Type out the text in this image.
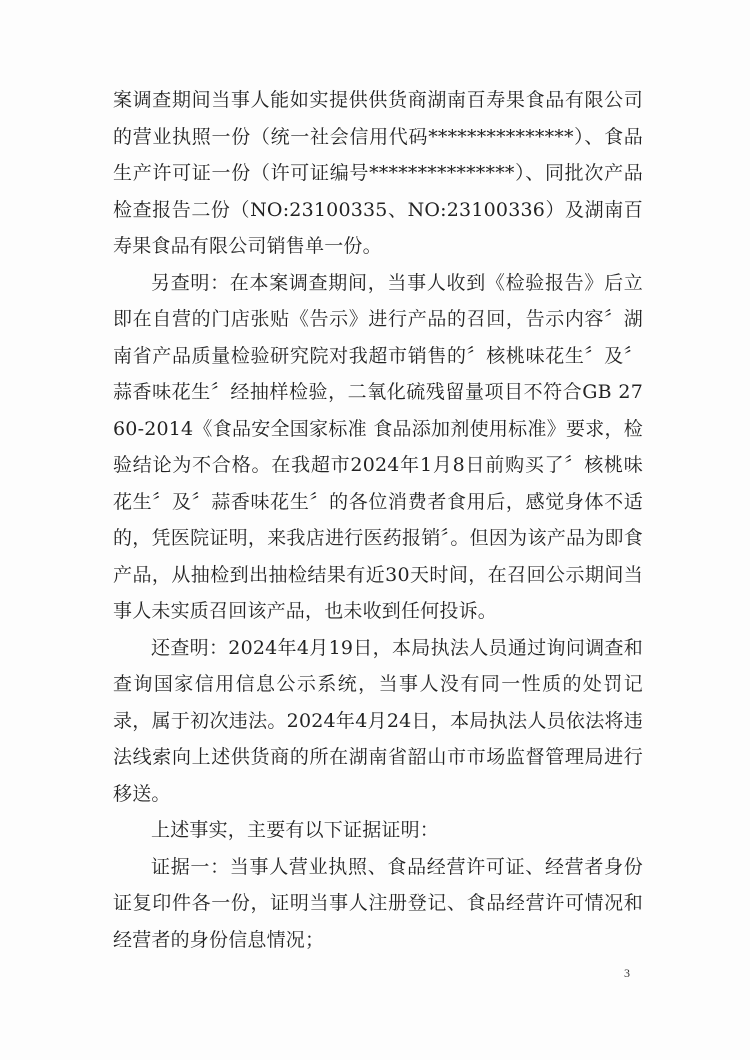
案调查期间当事人能如实提供供货商湖南百寿果食品有限公司的营业执照一份（统一社会信用代码***************）、食品生产许可证一份（许可证编号***************）、同批次产品检查报告二份（NO:23100335、NO:23100336）及湖南百寿果食品有限公司销售单一份。

另查明：在本案调查期间，当事人收到《检验报告》后立即在自营的门店张贴《告示》进行产品的召回，告示内容〞湖南省产品质量检验研究院对我超市销售的〞核桃味花生〞及〞蒜香味花生〞经抽样检验，二氧化硫残留量项目不符合GB 2760-2014《食品安全国家标准 食品添加剂使用标准》要求，检验结论为不合格。在我超市2024年1月8日前购买了〞核桃味花生〞及〞蒜香味花生〞的各位消费者食用后，感觉身体不适的，凭医院证明，来我店进行医药报销〞。但因为该产品为即食产品，从抽检到出抽检结果有近30天时间，在召回公示期间当事人未实质召回该产品，也未收到任何投诉。

还查明：2024年4月19日，本局执法人员通过询问调查和查询国家信用信息公示系统，当事人没有同一性质的处罚记录，属于初次违法。2024年4月24日，本局执法人员依法将违法线索向上述供货商的所在湖南省韶山市市场监督管理局进行移送。

上述事实，主要有以下证据证明：

证据一：当事人营业执照、食品经营许可证、经营者身份证复印件各一份，证明当事人注册登记、食品经营许可情况和经营者的身份信息情况；

3
